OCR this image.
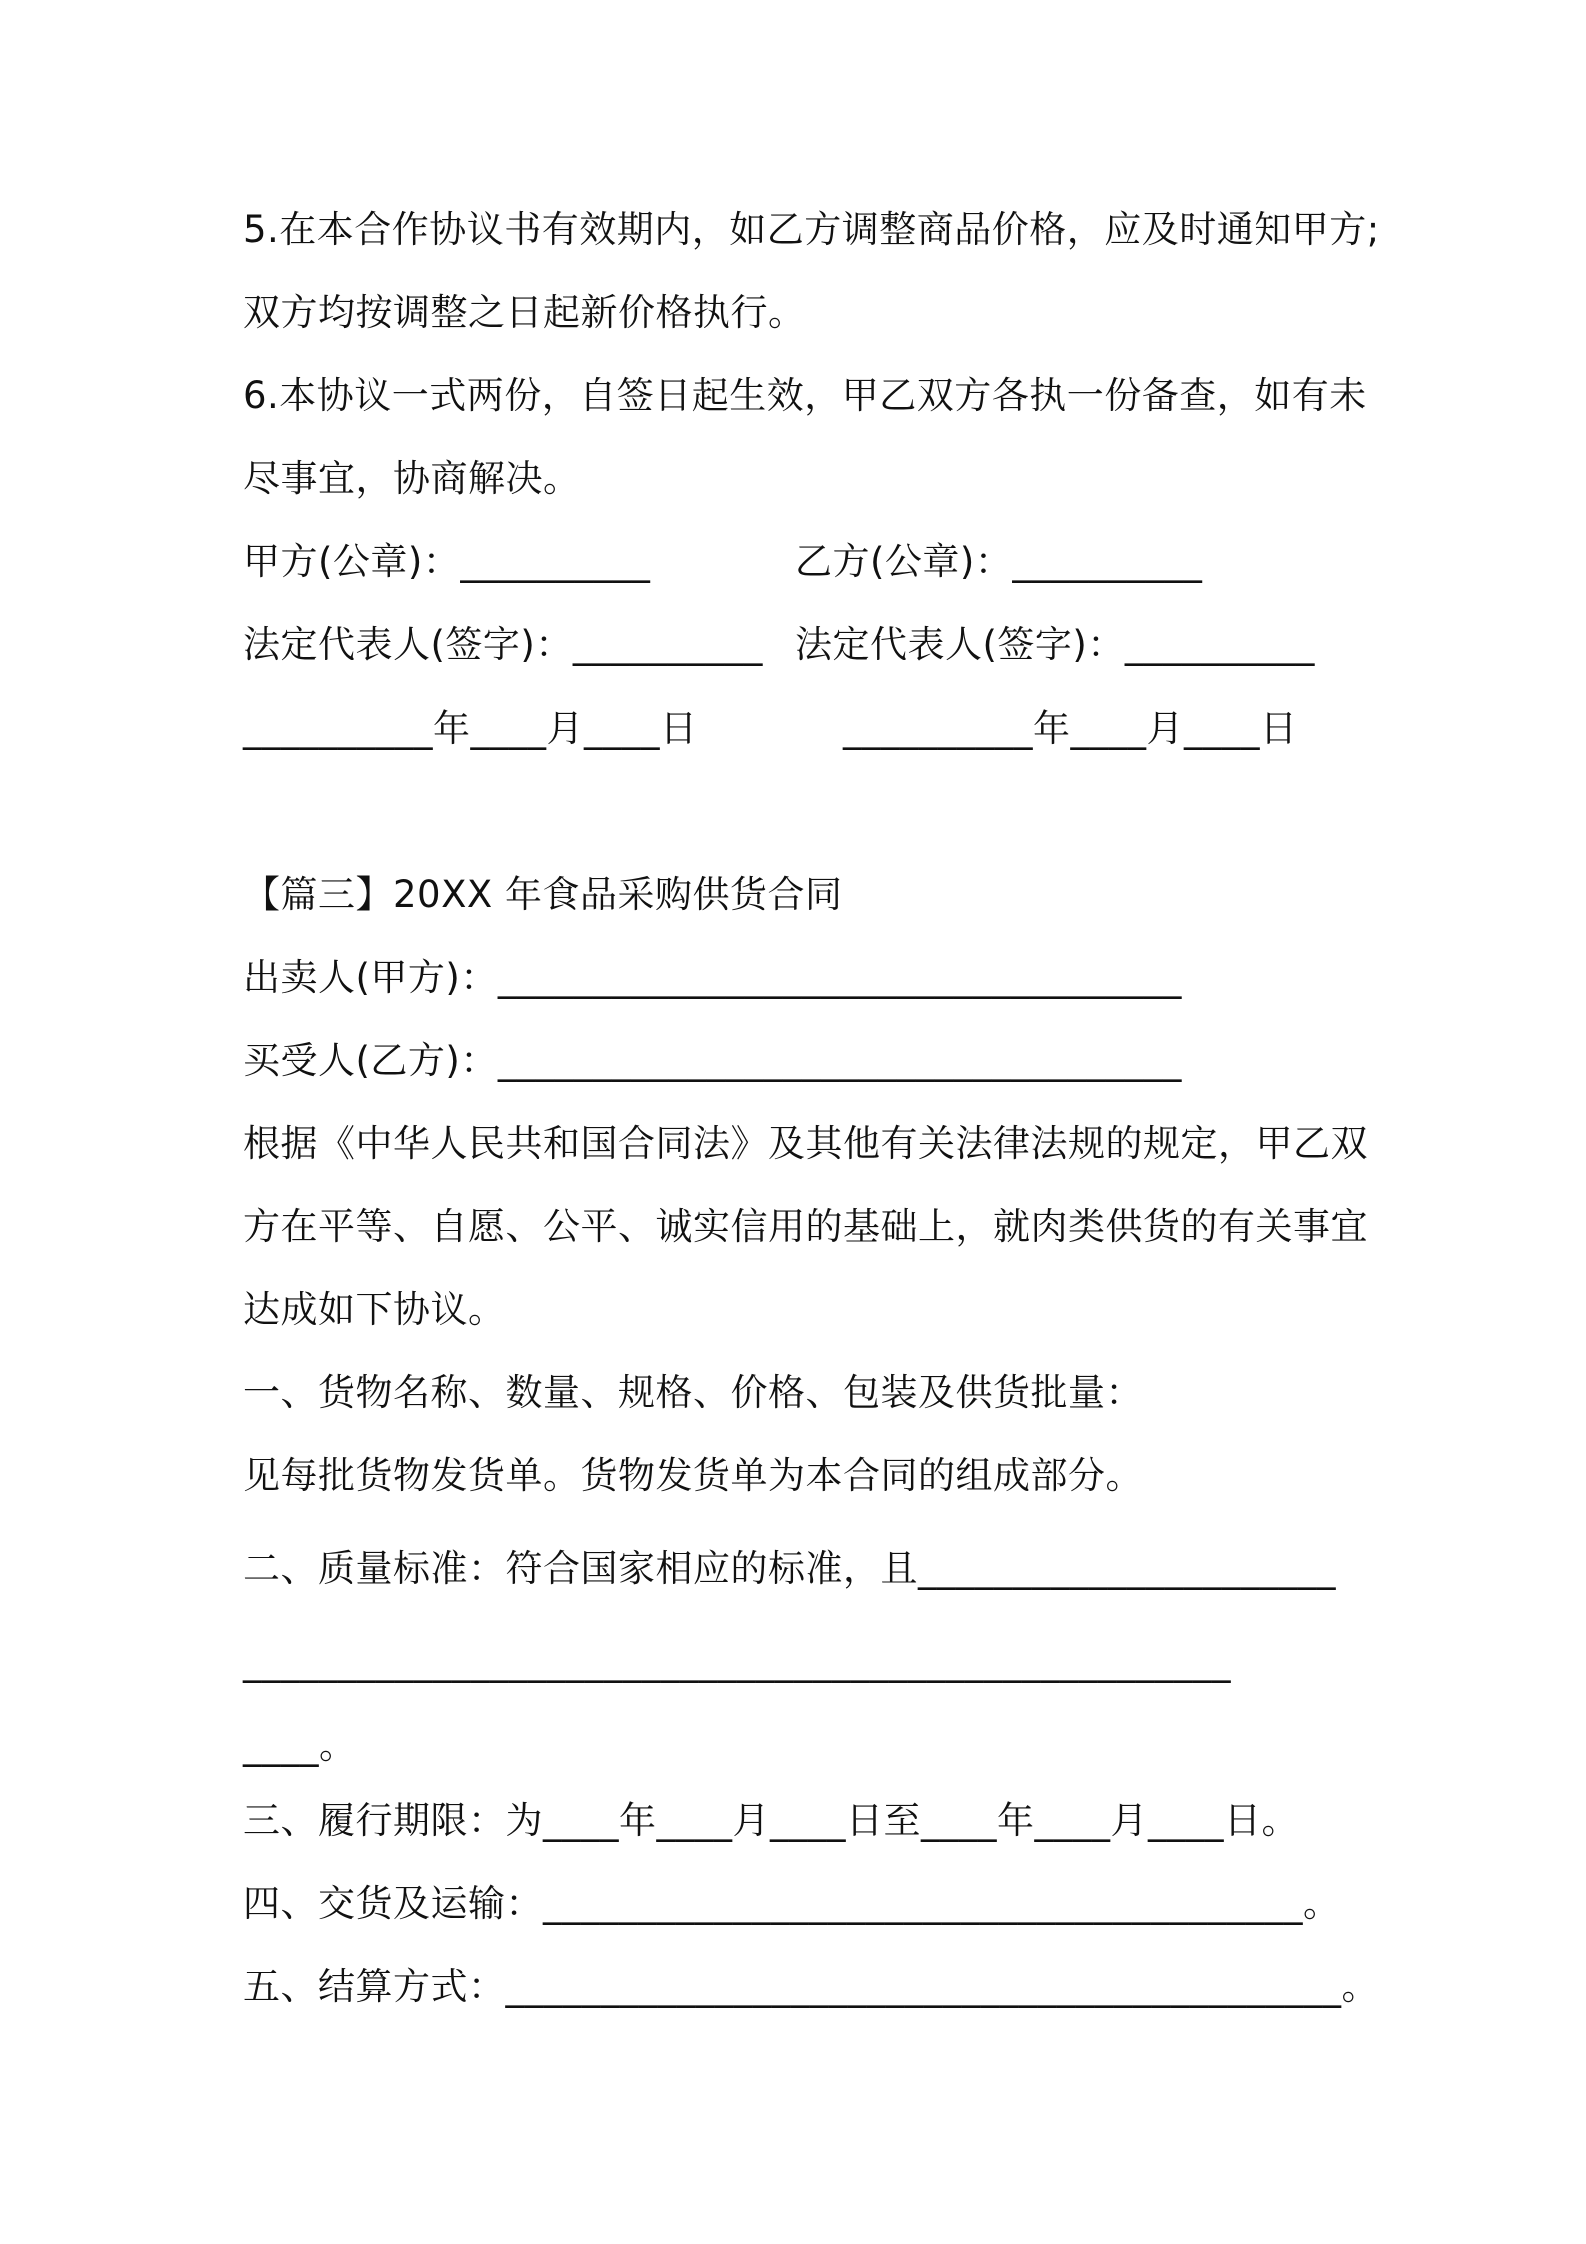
5.在本合作协议书有效期内，如乙方调整商品价格，应及时通知甲方;
双方均按调整之日起新价格执行。
6.本协议一式两份，自签日起生效，甲乙双方各执一份备查，如有未
尽事宜，协商解决。
甲方(公章)：__________	乙方(公章)：__________
法定代表人(签字)：__________ 法定代表人(签字)：__________
__________年____月____日	__________年____月____日
【篇三】20XX 年食品采购供货合同
出卖人(甲方)：____________________________________
买受人(乙方)：____________________________________
根据《中华人民共和国合同法》及其他有关法律法规的规定，甲乙双
方在平等、自愿、公平、诚实信用的基础上，就肉类供货的有关事宜
达成如下协议。
一、货物名称、数量、规格、价格、包装及供货批量：
见每批货物发货单。货物发货单为本合同的组成部分。
二、质量标准：符合国家相应的标准，且______________________
____________________________________________________
____。
三、履行期限：为____年____月____日至____年____月____日。
四、交货及运输：________________________________________。
五、结算方式：____________________________________________。
